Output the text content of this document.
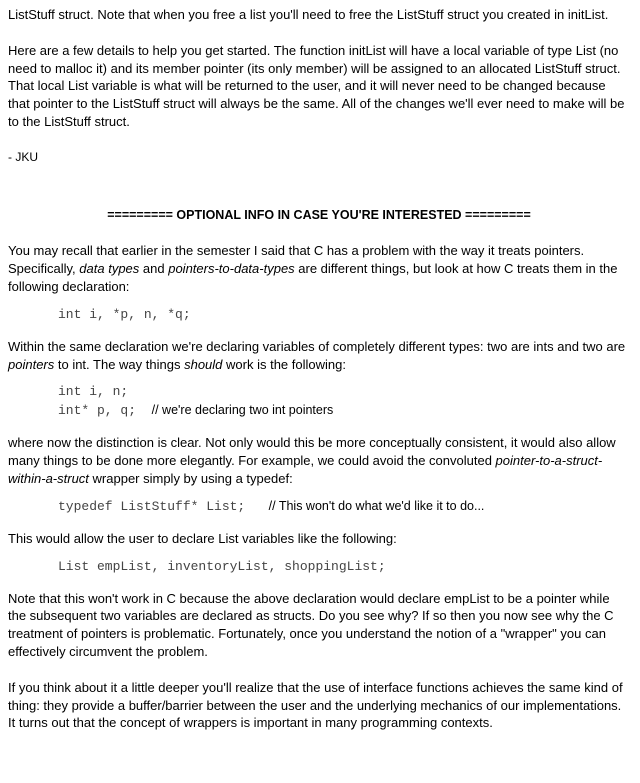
ListStuff struct. Note that when you free a list you'll need to free the ListStuff struct you created in initList.

Here are a few details to help you get started. The function initList will have a local variable of type List (no need to malloc it) and its member pointer (its only member) will be assigned to an allocated ListStuff struct. That local List variable is what will be returned to the user, and it will never need to be changed because that pointer to the ListStuff struct will always be the same. All of the changes we'll ever need to make will be to the ListStuff struct.

- JKU

========= OPTIONAL INFO IN CASE YOU'RE INTERESTED =========

You may recall that earlier in the semester I said that C has a problem with the way it treats pointers. Specifically, data types and pointers-to-data-types are different things, but look at how C treats them in the following declaration:

int i, *p, n, *q;

Within the same declaration we're declaring variables of completely different types: two are ints and two are pointers to int. The way things should work is the following:

int i, n;
int* p, q; // we're declaring two int pointers

where now the distinction is clear. Not only would this be more conceptually consistent, it would also allow many things to be done more elegantly. For example, we could avoid the convoluted pointer-to-a-struct-within-a-struct wrapper simply by using a typedef:

typedef ListStuff* List; // This won't do what we'd like it to do...

This would allow the user to declare List variables like the following:

List empList, inventoryList, shoppingList;

Note that this won't work in C because the above declaration would declare empList to be a pointer while the subsequent two variables are declared as structs. Do you see why? If so then you now see why the C treatment of pointers is problematic. Fortunately, once you understand the notion of a "wrapper" you can effectively circumvent the problem.

If you think about it a little deeper you'll realize that the use of interface functions achieves the same kind of thing: they provide a buffer/barrier between the user and the underlying mechanics of our implementations. It turns out that the concept of wrappers is important in many programming contexts.
